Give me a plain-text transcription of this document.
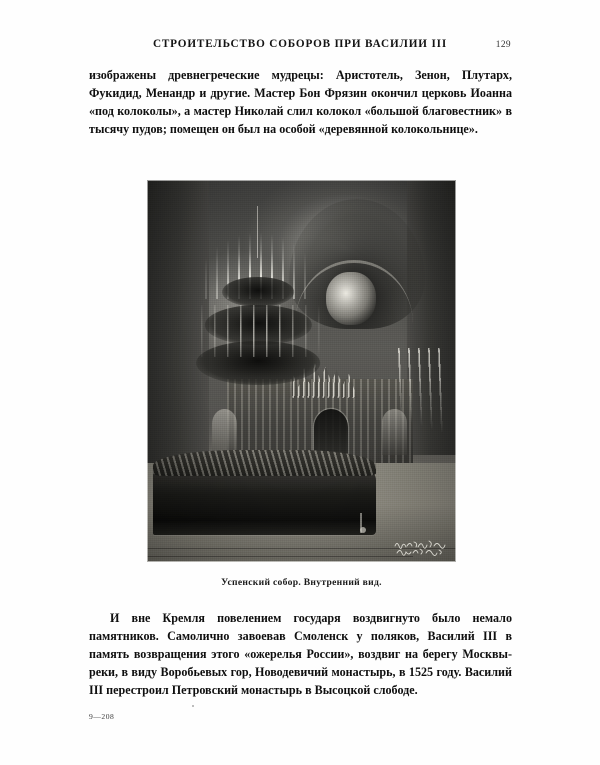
СТРОИТЕЛЬСТВО СОБОРОВ ПРИ ВАСИЛИИ III	129
изображены древнегреческие мудрецы: Аристотель, Зенон, Плутарх, Фукидид, Менандр и другие. Мастер Бон Фрязин окончил церковь Иоанна «под колоколы», а мастер Николай слил колокол «большой благовестник» в тысячу пудов; помещен он был на особой «деревянной колокольнице».
Успенский собор. Внутренний вид.
И вне Кремля повелением государя воздвигнуто было немало памятников. Самолично завоевав Смоленск у поляков, Василий III в память возвращения этого «ожерелья России», воздвиг на берегу Москвы-реки, в виду Воробьевых гор, Новодевичий монастырь, в 1525 году. Василий III перестроил Петровский монастырь в Высоцкой слободе.
9—208
